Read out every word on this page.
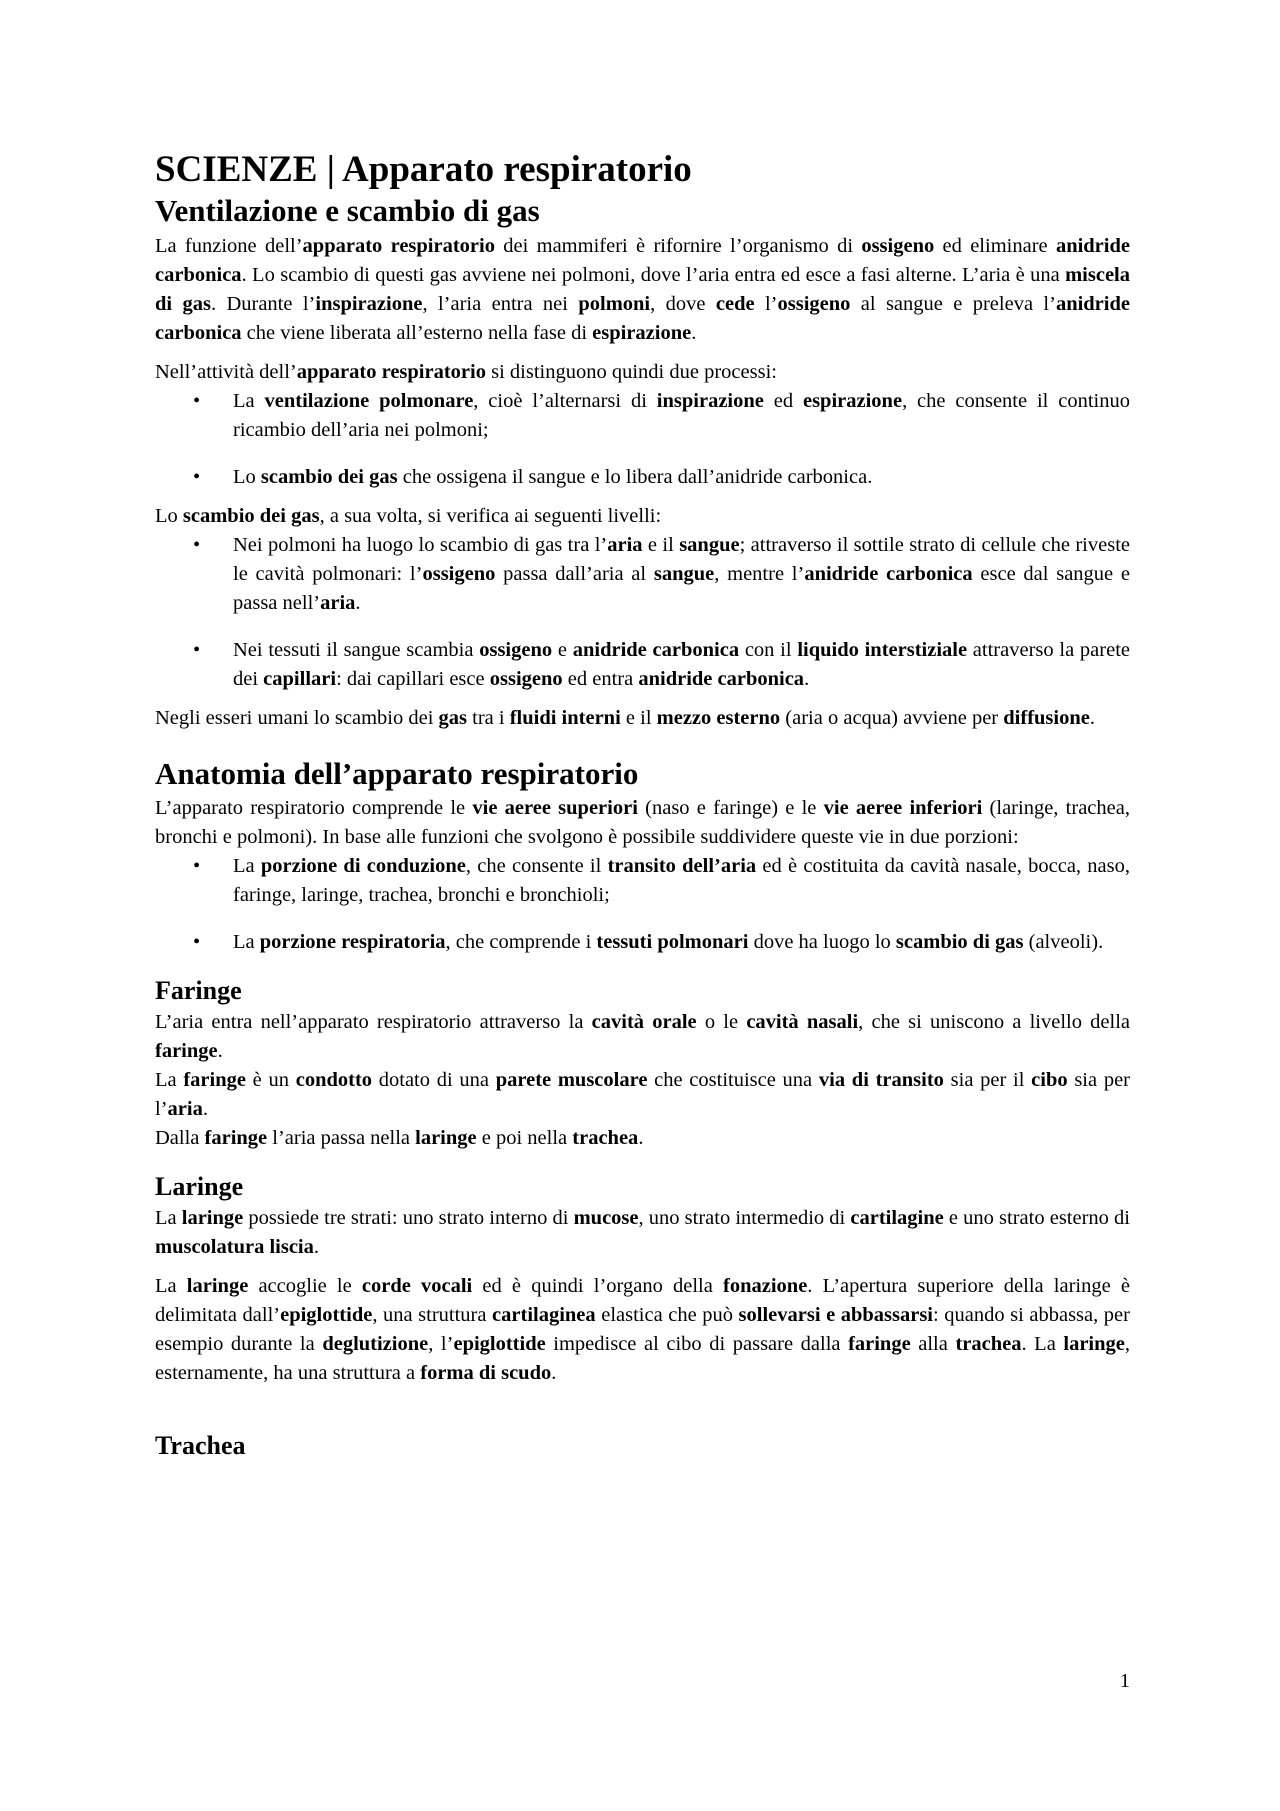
SCIENZE | Apparato respiratorio
Ventilazione e scambio di gas

La funzione dell’apparato respiratorio dei mammiferi è rifornire l’organismo di ossigeno ed eliminare anidride carbonica. Lo scambio di questi gas avviene nei polmoni, dove l’aria entra ed esce a fasi alterne. L’aria è una miscela di gas. Durante l’inspirazione, l’aria entra nei polmoni, dove cede l’ossigeno al sangue e preleva l’anidride carbonica che viene liberata all’esterno nella fase di espirazione.

Nell’attività dell’apparato respiratorio si distinguono quindi due processi:

• La ventilazione polmonare, cioè l’alternarsi di inspirazione ed espirazione, che consente il continuo ricambio dell’aria nei polmoni;
• Lo scambio dei gas che ossigena il sangue e lo libera dall’anidride carbonica.

Lo scambio dei gas, a sua volta, si verifica ai seguenti livelli:

• Nei polmoni ha luogo lo scambio di gas tra l’aria e il sangue; attraverso il sottile strato di cellule che riveste le cavità polmonari: l’ossigeno passa dall’aria al sangue, mentre l’anidride carbonica esce dal sangue e passa nell’aria.
• Nei tessuti il sangue scambia ossigeno e anidride carbonica con il liquido interstiziale attraverso la parete dei capillari: dai capillari esce ossigeno ed entra anidride carbonica.

Negli esseri umani lo scambio dei gas tra i fluidi interni e il mezzo esterno (aria o acqua) avviene per diffusione.

Anatomia dell’apparato respiratorio

L’apparato respiratorio comprende le vie aeree superiori (naso e faringe) e le vie aeree inferiori (laringe, trachea, bronchi e polmoni). In base alle funzioni che svolgono è possibile suddividere queste vie in due porzioni:

• La porzione di conduzione, che consente il transito dell’aria ed è costituita da cavità nasale, bocca, naso, faringe, laringe, trachea, bronchi e bronchioli;
• La porzione respiratoria, che comprende i tessuti polmonari dove ha luogo lo scambio di gas (alveoli).
Faringe

L’aria entra nell’apparato respiratorio attraverso la cavità orale o le cavità nasali, che si uniscono a livello della faringe.

La faringe è un condotto dotato di una parete muscolare che costituisce una via di transito sia per il cibo sia per l’aria.

Dalla faringe l’aria passa nella laringe e poi nella trachea.

Laringe

La laringe possiede tre strati: uno strato interno di mucose, uno strato intermedio di cartilagine e uno strato esterno di muscolatura liscia.

La laringe accoglie le corde vocali ed è quindi l’organo della fonazione. L’apertura superiore della laringe è delimitata dall’epiglottide, una struttura cartilaginea elastica che può sollevarsi e abbassarsi: quando si abbassa, per esempio durante la deglutizione, l’epiglottide impedisce al cibo di passare dalla faringe alla trachea. La laringe, esternamente, ha una struttura a forma di scudo.

Trachea
1
